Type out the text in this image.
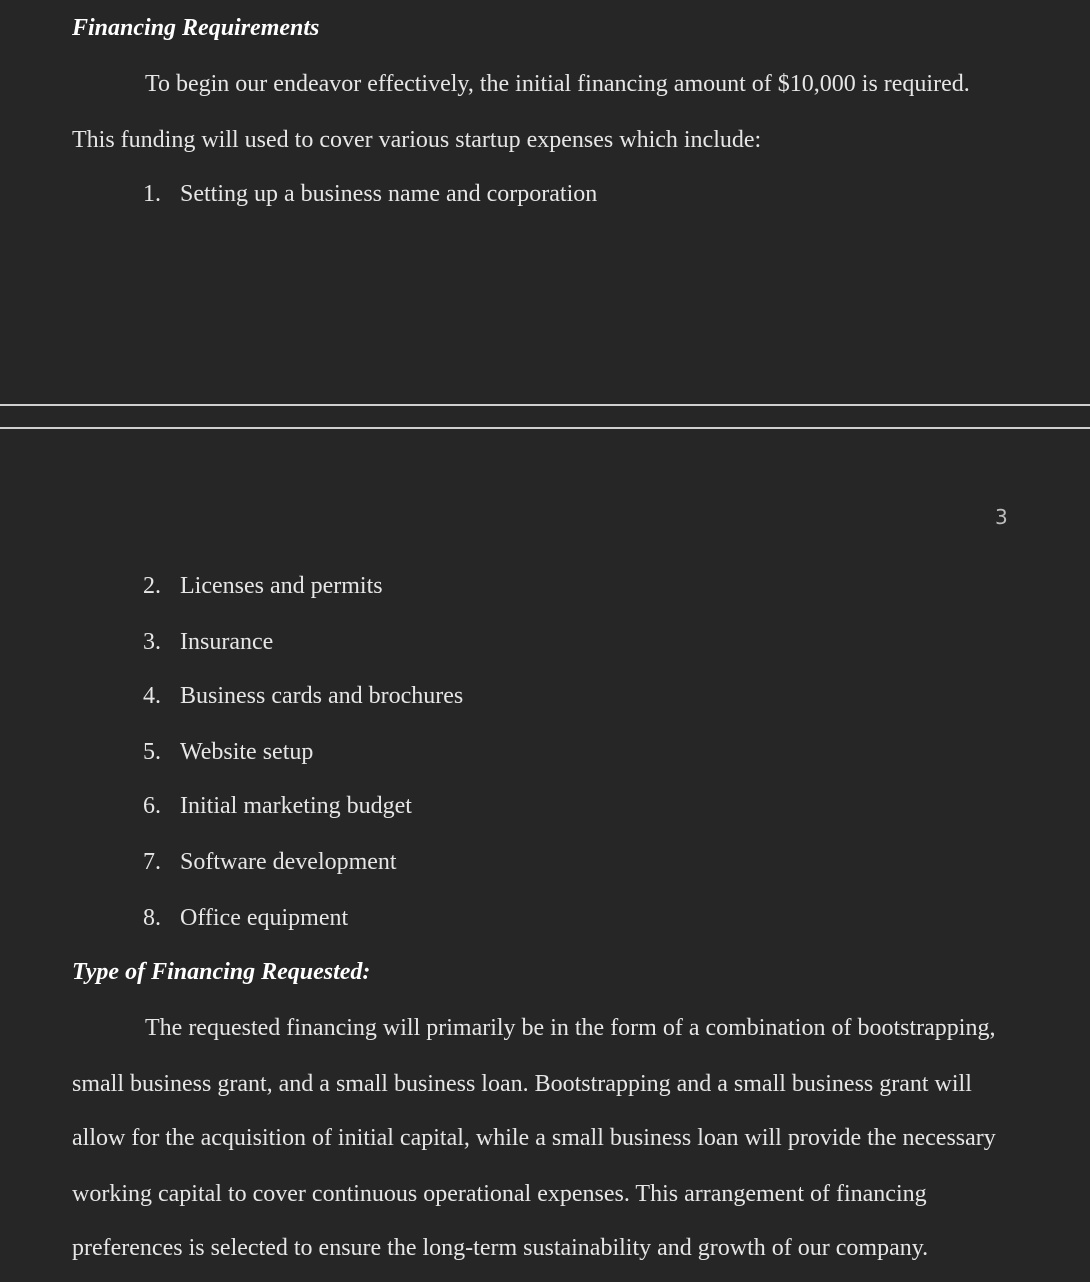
Financing Requirements

To begin our endeavor effectively, the initial financing amount of $10,000 is required.

This funding will used to cover various startup expenses which include:

1. Setting up a business name and corporation
3
2. Licenses and permits
3. Insurance
4. Business cards and brochures
5. Website setup
6. Initial marketing budget
7. Software development
8. Office equipment

Type of Financing Requested:

The requested financing will primarily be in the form of a combination of bootstrapping,

small business grant, and a small business loan. Bootstrapping and a small business grant will

allow for the acquisition of initial capital, while a small business loan will provide the necessary

working capital to cover continuous operational expenses. This arrangement of financing

preferences is selected to ensure the long-term sustainability and growth of our company.
